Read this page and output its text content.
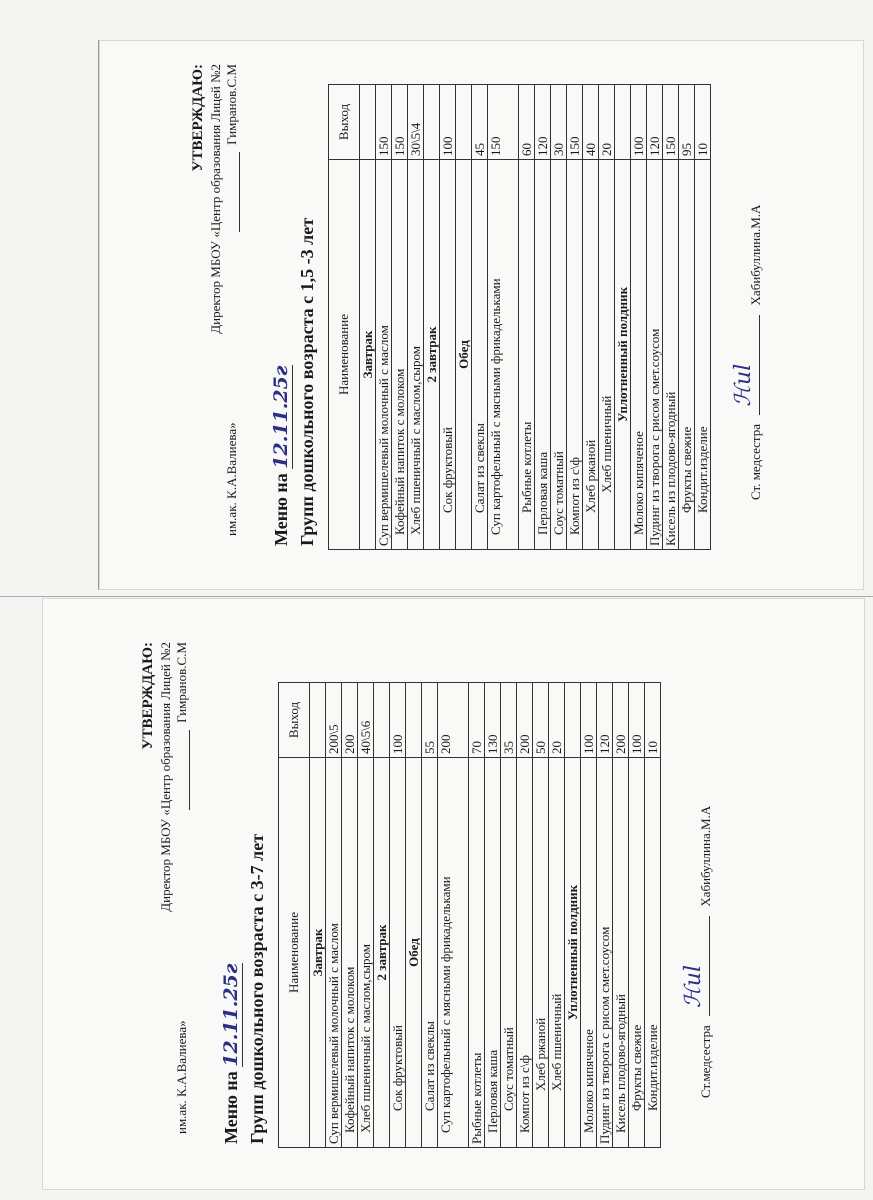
УТВЕРЖДАЮ: Директор МБОУ «Центр образования Лицей №2
им.ак. К.А.Валиева»
Гимранов.С.М
Меню на 12.11.25г Групп дошкольного возраста с 1,5 -3 лет Наименование	Выход
Завтрак	
Суп вермишелевый молочный с маслом	150
Кофейный напиток с молоком	150
Хлеб пшеничный с маслом,сыром	30\5\4
2 завтрак	
Сок фруктовый	100
Обед	
Салат из свеклы	45
Суп картофельный с мясными фрикадельками	150
Рыбные котлеты	60
Перловая каша	120
Соус томатный	30
Компот из с\ф	150
Хлеб ржаной	40
Хлеб пшеничный	20
Уплотненный полдник	
Молоко кипяченое	100
Пудинг из творога с рисом смет.соусом	120
Кисель из плодово-ягодный	150
Фрукты свежие	95
Кондит.изделие	10
Ст. медсестра
ℋul
Хабибуллина.М.А
УТВЕРЖДАЮ: Директор МБОУ «Центр образования Лицей №2
им.ак. К.А.Валиева»
Гимранов.С.М
Меню на 12.11.25г Групп дошкольного возраста с 3-7 лет Наименование	Выход
Завтрак	
Суп вермишелевый молочный с маслом	200\5
Кофейный напиток с молоком	200
Хлеб пшеничный с маслом,сыром	40\5\6
2 завтрак	
Сок фруктовый	100
Обед	
Салат из свеклы	55
Суп картофельный с мясными фрикадельками	200
Рыбные котлеты	70
Перловая каша	130
Соус томатный	35
Компот из с\ф	200
Хлеб ржаной	50
Хлеб пшеничный	20
Уплотненный полдник	
Молоко кипяченое	100
Пудинг из творога с рисом смет.соусом	120
Кисель плодово-ягодный	200
Фрукты свежие	100
Кондит.изделие	10
Ст.медсестра
ℋul
Хабибуллина.М.А
